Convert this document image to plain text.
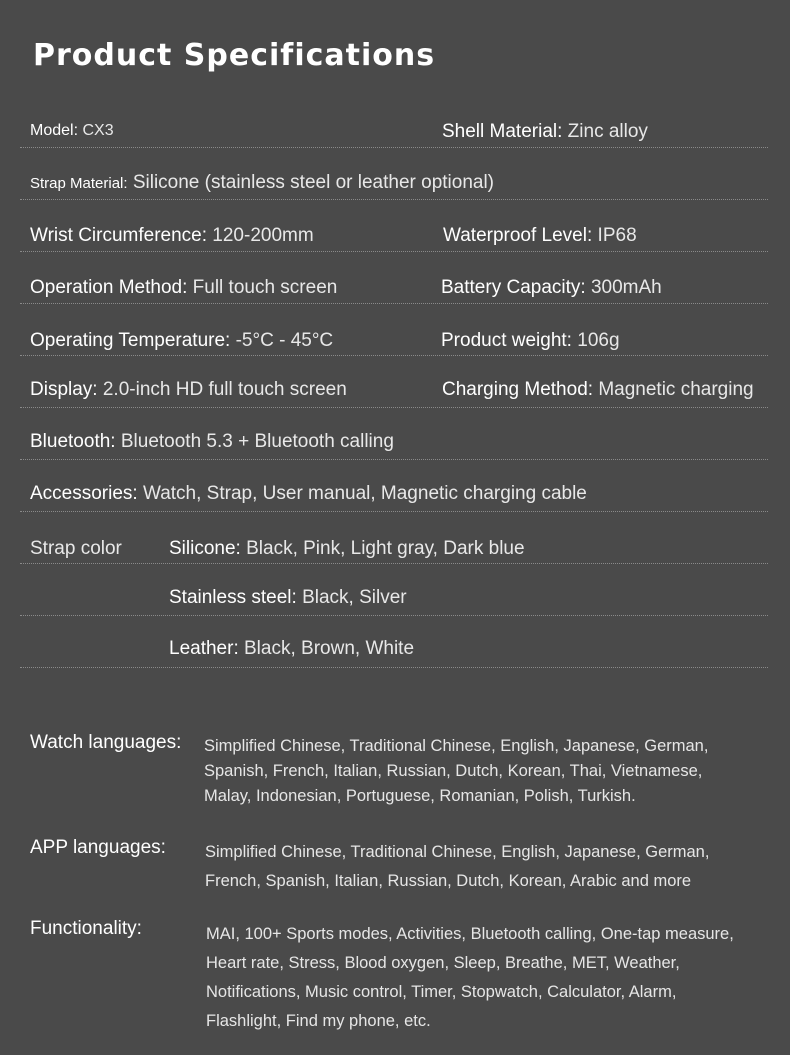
Product Specifications
Model: CX3	Shell Material: Zinc alloy
Strap Material: Silicone (stainless steel or leather optional)
Wrist Circumference: 120-200mm	Waterproof Level: IP68
Operation Method: Full touch screen	Battery Capacity: 300mAh
Operating Temperature: -5°C - 45°C	Product weight: 106g
Display: 2.0-inch HD full touch screen	Charging Method: Magnetic charging
Bluetooth: Bluetooth 5.3 + Bluetooth calling
Accessories: Watch, Strap, User manual, Magnetic charging cable
Strap color Silicone: Black, Pink, Light gray, Dark blue
Stainless steel: Black, Silver
Leather: Black, Brown, White
Watch languages: Simplified Chinese, Traditional Chinese, English, Japanese, German,
Spanish, French, Italian, Russian, Dutch, Korean, Thai, Vietnamese,
Malay, Indonesian, Portuguese, Romanian, Polish, Turkish.
APP languages: Simplified Chinese, Traditional Chinese, English, Japanese, German,
French, Spanish, Italian, Russian, Dutch, Korean, Arabic and more
Functionality:	MAI, 100+ Sports modes, Activities, Bluetooth calling, One-tap measure,
Heart rate, Stress, Blood oxygen, Sleep, Breathe, MET, Weather,
Notifications, Music control, Timer, Stopwatch, Calculator, Alarm,
Flashlight, Find my phone, etc.
